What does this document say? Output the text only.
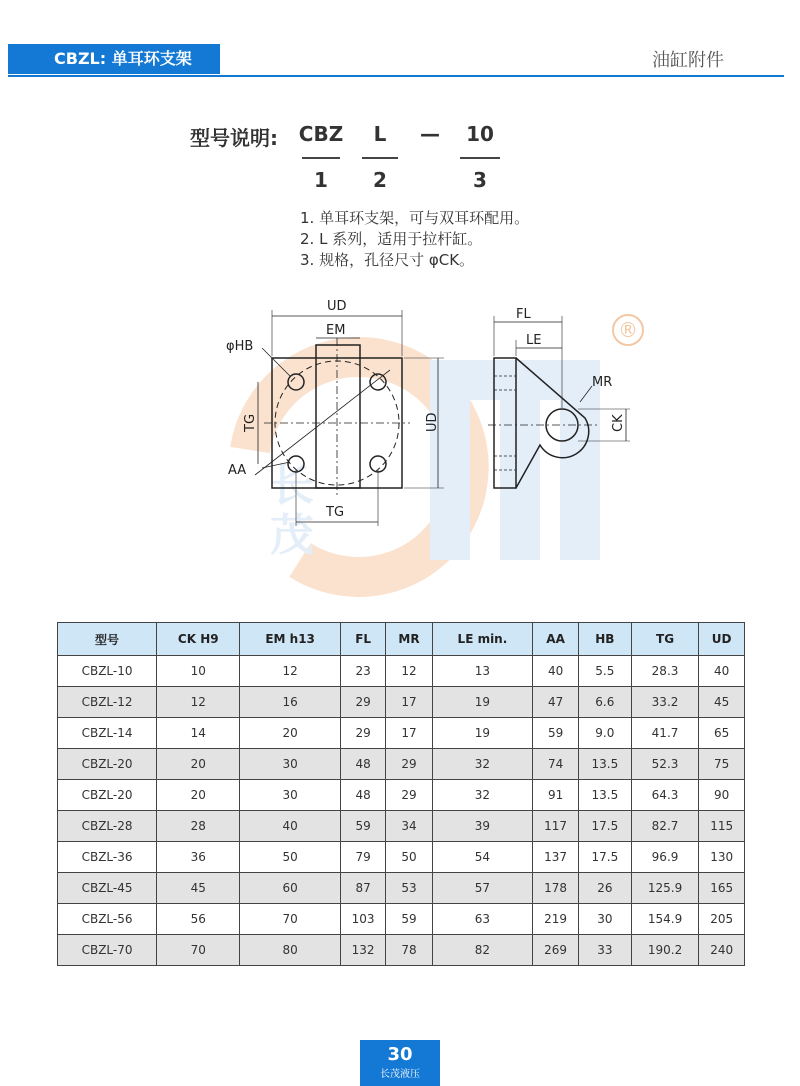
CBZL: 单耳环支架	油缸附件
长
茂
型号说明: CBZ	L	—	10
1	2	3
1. 单耳环支架，可与双耳环配用。
2. L 系列，适用于拉杆缸。
3. 规格，孔径尺寸 φCK。
UD
EM
φHB
TG
AA
TG
UD
FL
LE
MR
CK
®
型号	CK H9	EM h13	FL	MR	LE min.	AA	HB	TG	UD
CBZL-10	10	12	23	12	13	40	5.5	28.3	40
CBZL-12	12	16	29	17	19	47	6.6	33.2	45
CBZL-14	14	20	29	17	19	59	9.0	41.7	65
CBZL-20	20	30	48	29	32	74	13.5	52.3	75
CBZL-20	20	30	48	29	32	91	13.5	64.3	90
CBZL-28	28	40	59	34	39	117	17.5	82.7	115
CBZL-36	36	50	79	50	54	137	17.5	96.9	130
CBZL-45	45	60	87	53	57	178	26	125.9	165
CBZL-56	56	70	103	59	63	219	30	154.9	205
CBZL-70	70	80	132	78	82	269	33	190.2	240
30
长茂液压
